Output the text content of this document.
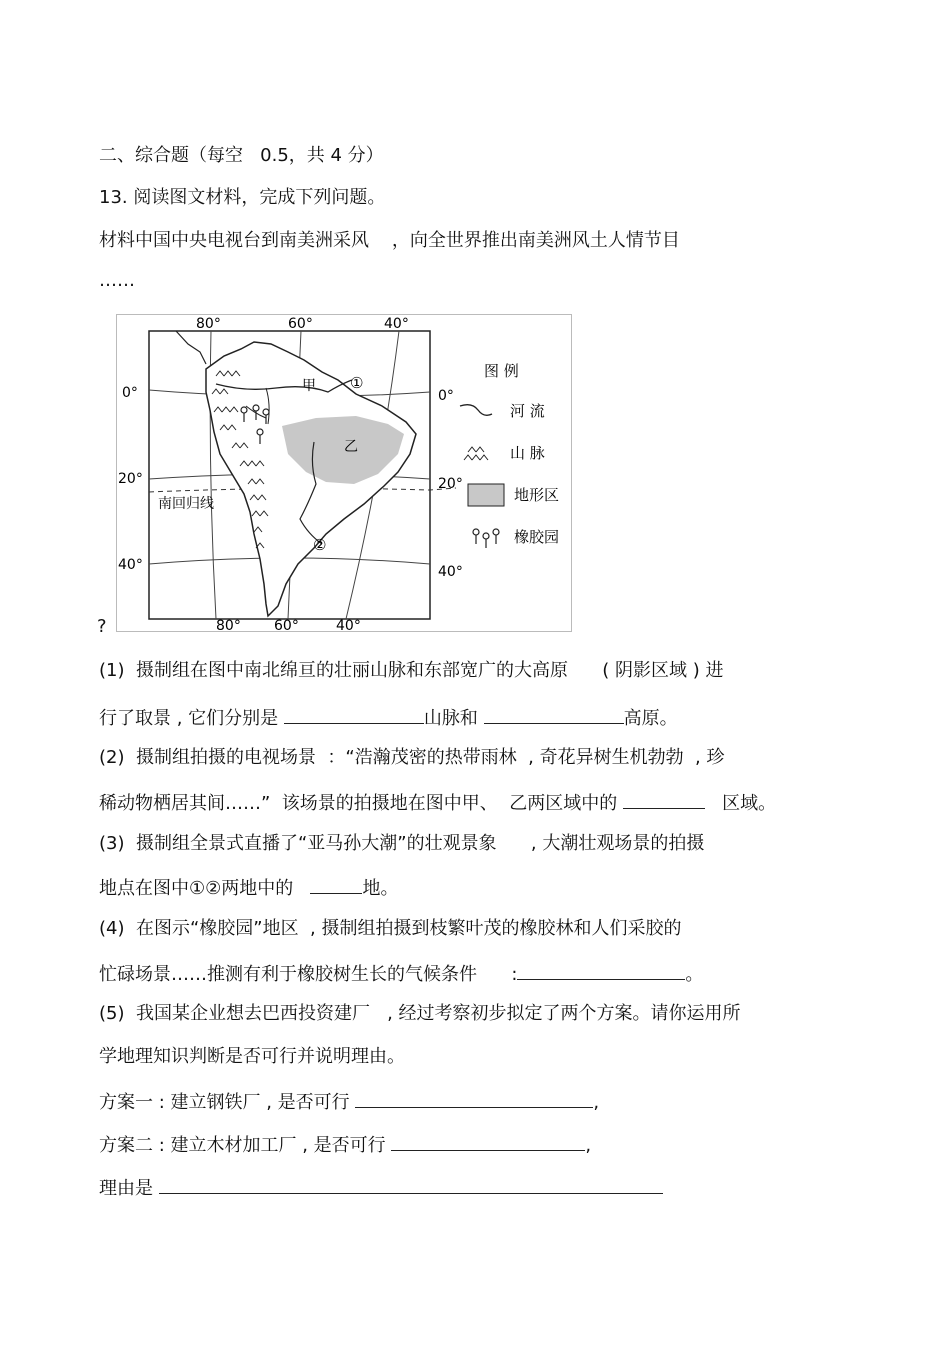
二、综合题（每空   0.5，共 4 分）
13. 阅读图文材料，完成下列问题。
材料中国中央电视台到南美洲采风    ，向全世界推出南美洲风土人情节目
……
①
②
甲
乙
南回归线
80°	60°	40°
80° 60°	40°
0°
20°
40°
0°
20°
40°
图 例
河 流
山 脉
地形区
橡胶园
?
(1)  摄制组在图中南北绵亘的壮丽山脉和东部宽广的大高原      ( 阴影区域 ) 进
行了取景 , 它们分别是	山脉和	高原。
(2)  摄制组拍摄的电视场景  ：“浩瀚茂密的热带雨林  , 奇花异树生机勃勃  , 珍
稀动物栖居其间……”  该场景的拍摄地在图中甲、  乙两区域中的	区域。
(3)  摄制组全景式直播了“亚马孙大潮”的壮观景象      , 大潮壮观场景的拍摄
地点在图中①②两地中的	地。
(4)  在图示“橡胶园”地区  , 摄制组拍摄到枝繁叶茂的橡胶林和人们采胶的
忙碌场景……推测有利于橡胶树生长的气候条件      :	。
(5)  我国某企业想去巴西投资建厂   , 经过考察初步拟定了两个方案。请你运用所
学地理知识判断是否可行并说明理由。
方案一 : 建立钢铁厂 , 是否可行	,
方案二 : 建立木材加工厂 , 是否可行	,
理由是
